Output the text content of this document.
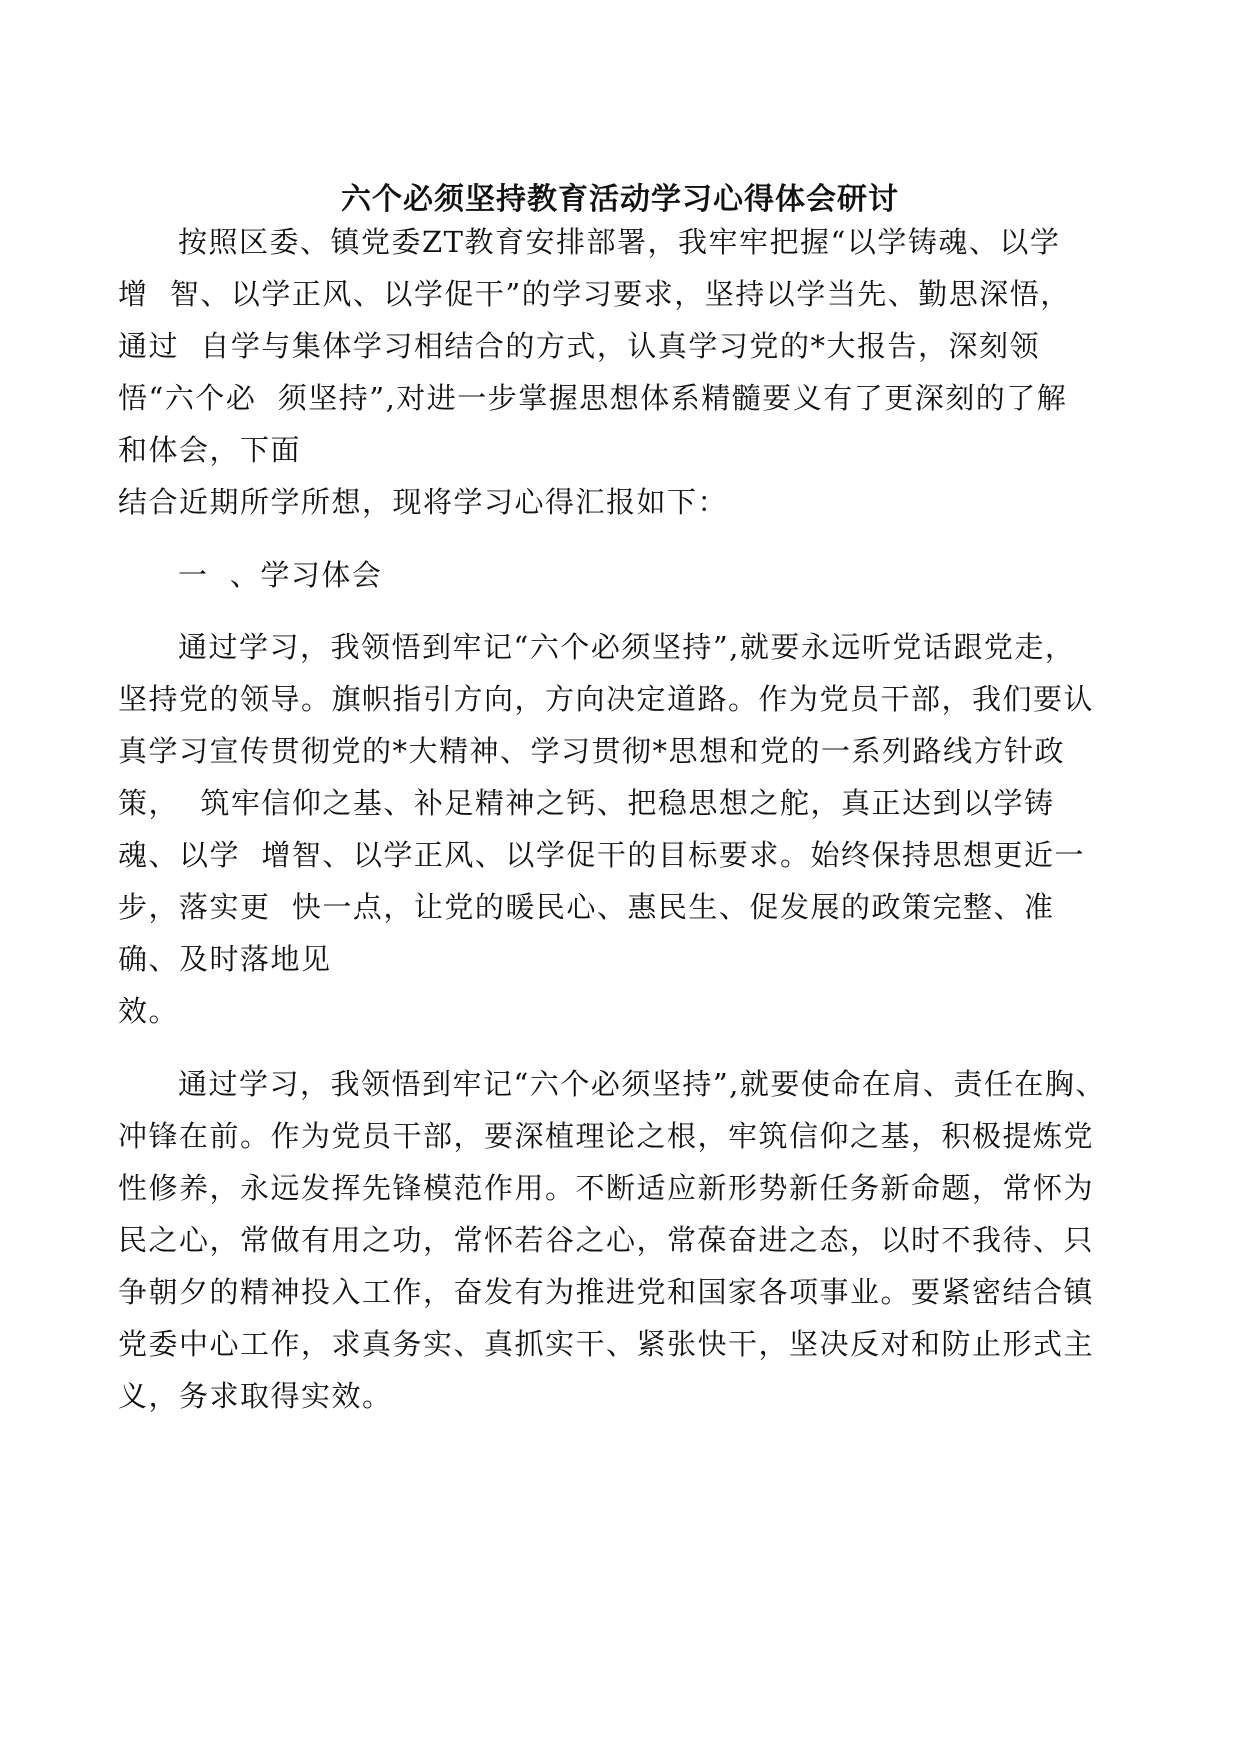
六个必须坚持教育活动学习心得体会研讨
按照区委、镇党委ZT教育安排部署，我牢牢把握“以学铸魂、以学
增  智、以学正风、以学促干”的学习要求，坚持以学当先、勤思深悟，
通过  自学与集体学习相结合的方式，认真学习党的*大报告，深刻领
悟“六个必  须坚持”,对进一步掌握思想体系精髓要义有了更深刻的了解
和体会，下面
结合近期所学所想，现将学习心得汇报如下：
一  、学习体会
通过学习，我领悟到牢记“六个必须坚持”,就要永远听党话跟党走，
坚持党的领导。旗帜指引方向，方向决定道路。作为党员干部，我们要认
真学习宣传贯彻党的*大精神、学习贯彻*思想和党的一系列路线方针政
策，  筑牢信仰之基、补足精神之钙、把稳思想之舵，真正达到以学铸
魂、以学  增智、以学正风、以学促干的目标要求。始终保持思想更近一
步，落实更  快一点，让党的暖民心、惠民生、促发展的政策完整、准
确、及时落地见
效。
通过学习，我领悟到牢记“六个必须坚持”,就要使命在肩、责任在胸、
冲锋在前。作为党员干部，要深植理论之根，牢筑信仰之基，积极提炼党
性修养，永远发挥先锋模范作用。不断适应新形势新任务新命题，常怀为
民之心，常做有用之功，常怀若谷之心，常葆奋进之态，以时不我待、只
争朝夕的精神投入工作，奋发有为推进党和国家各项事业。要紧密结合镇
党委中心工作，求真务实、真抓实干、紧张快干，坚决反对和防止形式主
义，务求取得实效。
